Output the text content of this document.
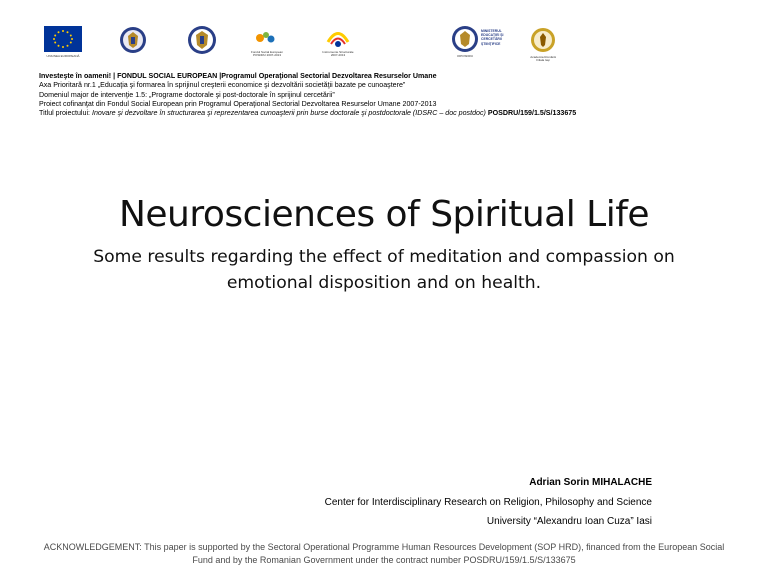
UNIUNEA EUROPEANĂ
Fondul Social European
POSDRU 2007-2013
Instrumente Structurale
2007-2013	OIPOSDRU
MINISTERUL
EDUCAŢIEI ŞI
CERCETĂRII
ŞTIINŢIFICE
Academia Română
Filiala Iaşi
Investeşte în oameni! | FONDUL SOCIAL EUROPEAN |Programul Operaţional Sectorial Dezvoltarea Resurselor Umane
Axa Prioritară nr.1 „Educaţia şi formarea în sprijinul creşterii economice şi dezvoltării societăţii bazate pe cunoaştere”
Domeniul major de intervenţie 1.5: „Programe doctorale şi post-doctorale în sprijinul cercetării”
Proiect cofinanţat din Fondul Social European prin Programul Operaţional Sectorial Dezvoltarea Resurselor Umane 2007-2013
Titlul proiectului: Inovare şi dezvoltare în structurarea şi reprezentarea cunoaşterii prin burse doctorale şi postdoctorale (IDSRC – doc postdoc) POSDRU/159/1.5/S/133675
Neurosciences of Spiritual Life
Some results regarding the effect of meditation and compassion on emotional disposition and on health.
Adrian Sorin MIHALACHE
Center for Interdisciplinary Research on Religion, Philosophy and Science
University “Alexandru Ioan Cuza” Iasi
ACKNOWLEDGEMENT: This paper is supported by the Sectoral Operational Programme Human Resources Development (SOP HRD), financed from the European Social Fund and by the Romanian Government under the contract number POSDRU/159/1.5/S/133675
